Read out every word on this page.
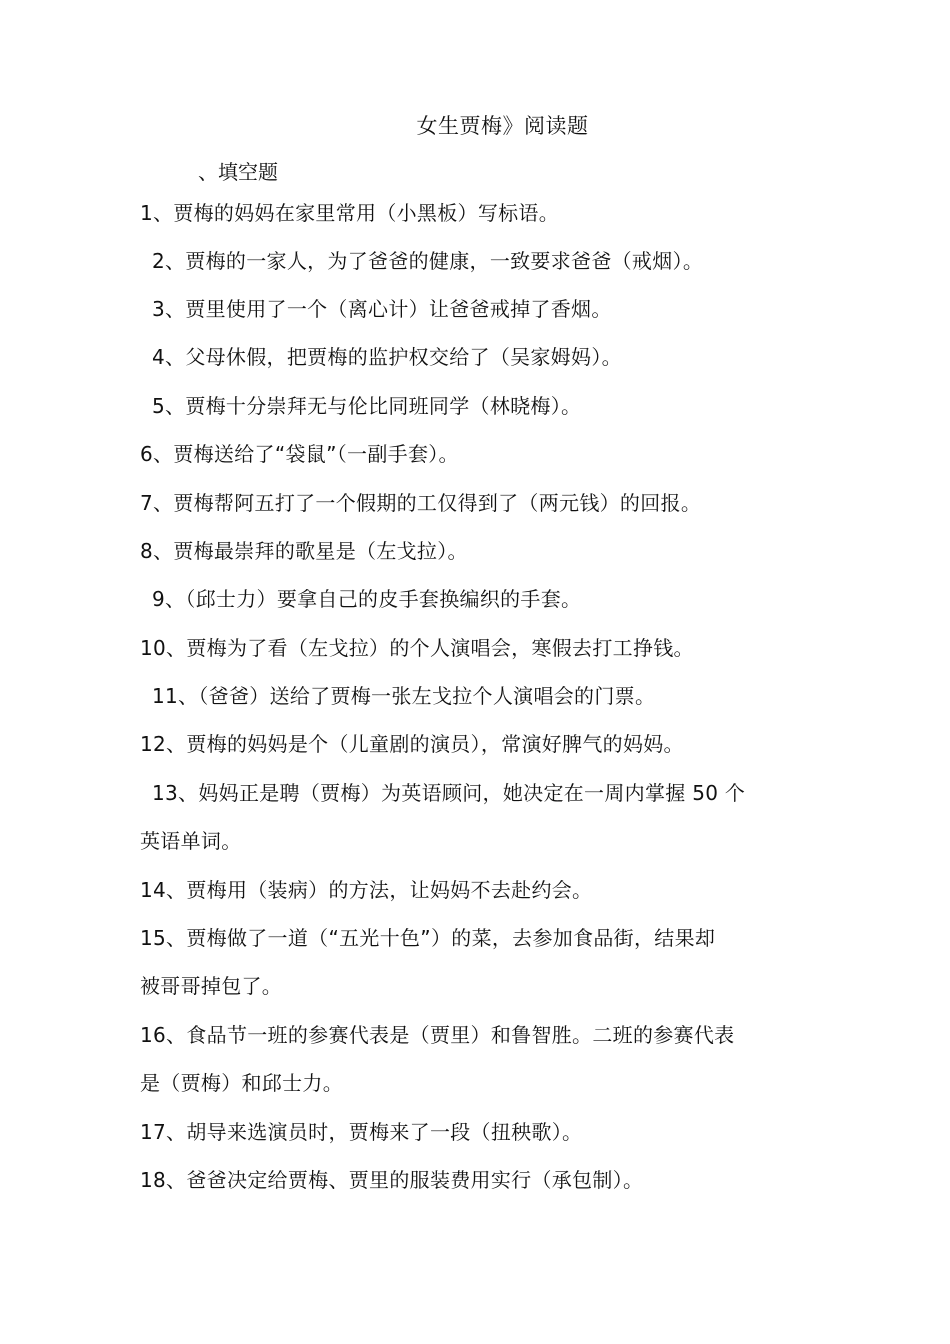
女生贾梅》阅读题
、填空题
1、贾梅的妈妈在家里常用（小黑板）写标语。
2、贾梅的一家人，为了爸爸的健康，一致要求爸爸（戒烟）。
3、贾里使用了一个（离心计）让爸爸戒掉了香烟。
4、父母休假，把贾梅的监护权交给了（吴家姆妈）。
5、贾梅十分崇拜无与伦比同班同学（林晓梅）。
6、贾梅送给了“袋鼠”（一副手套）。
7、贾梅帮阿五打了一个假期的工仅得到了（两元钱）的回报。
8、贾梅最崇拜的歌星是（左戈拉）。
9、（邱士力）要拿自己的皮手套换编织的手套。
10、贾梅为了看（左戈拉）的个人演唱会，寒假去打工挣钱。
11、（爸爸）送给了贾梅一张左戈拉个人演唱会的门票。
12、贾梅的妈妈是个（儿童剧的演员），常演好脾气的妈妈。
13、妈妈正是聘（贾梅）为英语顾问，她决定在一周内掌握 50 个
英语单词。
14、贾梅用（装病）的方法，让妈妈不去赴约会。
15、贾梅做了一道（“五光十色”）的菜，去参加食品街，结果却
被哥哥掉包了。
16、食品节一班的参赛代表是（贾里）和鲁智胜。二班的参赛代表
是（贾梅）和邱士力。
17、胡导来选演员时，贾梅来了一段（扭秧歌）。
18、爸爸决定给贾梅、贾里的服装费用实行（承包制）。
